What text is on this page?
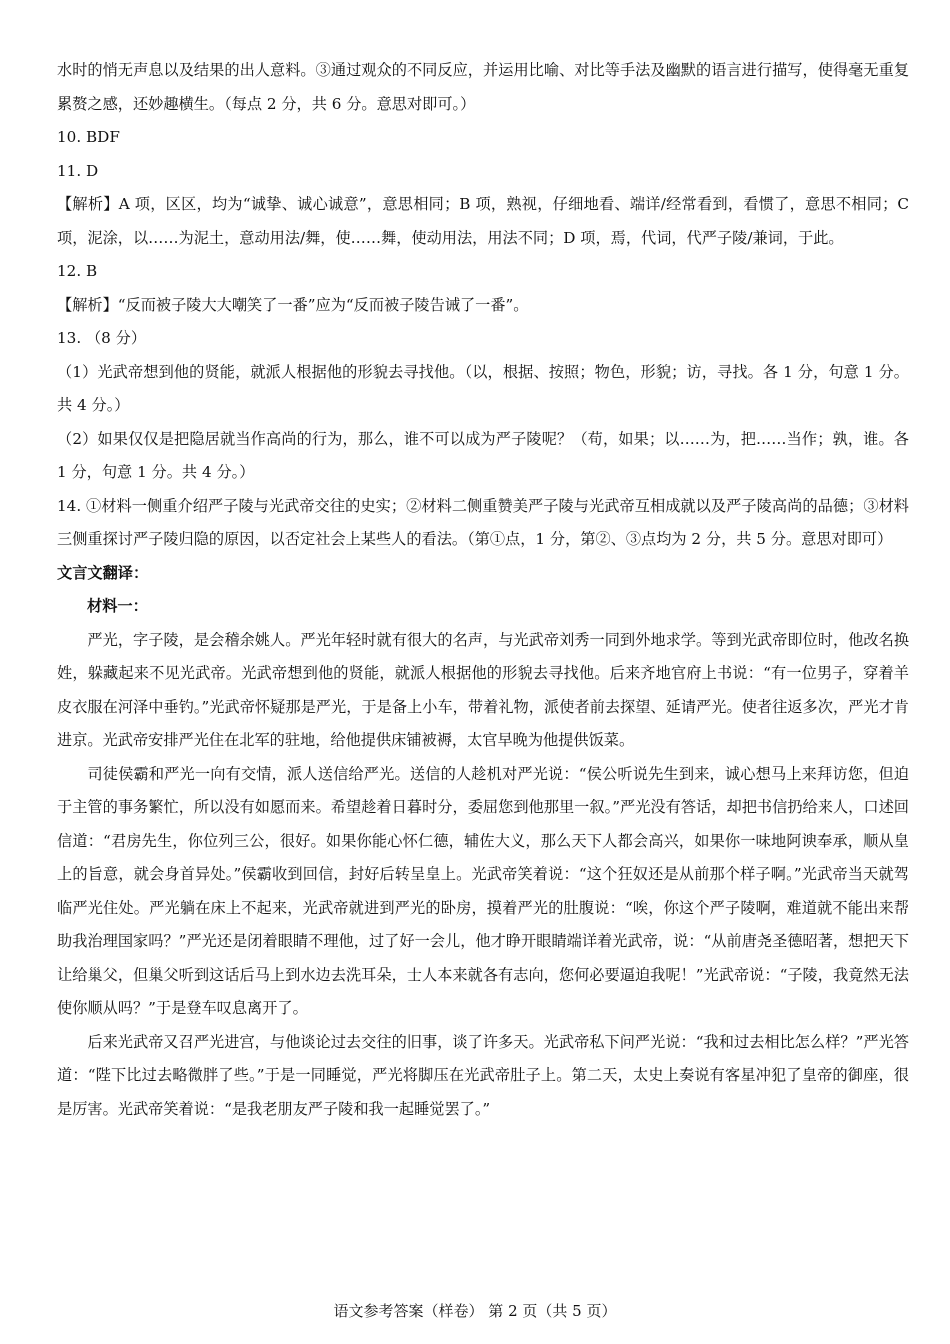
水时的悄无声息以及结果的出人意料。③通过观众的不同反应，并运用比喻、对比等手法及幽默的语言进行描写，使得毫无重复累赘之感，还妙趣横生。（每点 2 分，共 6 分。意思对即可。）

10. BDF
11. D

【解析】A 项，区区，均为“诚挚、诚心诚意”，意思相同；B 项，熟视，仔细地看、端详/经常看到，看惯了，意思不相同；C 项，泥涂，以……为泥土，意动用法/舞，使……舞，使动用法，用法不同；D 项，焉，代词，代严子陵/兼词，于此。

12. B

【解析】“反而被子陵大大嘲笑了一番”应为“反而被子陵告诫了一番”。

13. （8 分）

（1）光武帝想到他的贤能，就派人根据他的形貌去寻找他。（以，根据、按照；物色，形貌；访，寻找。各 1 分，句意 1 分。共 4 分。）

（2）如果仅仅是把隐居就当作高尚的行为，那么，谁不可以成为严子陵呢？（苟，如果；以……为，把……当作；孰，谁。各 1 分，句意 1 分。共 4 分。）

14. ①材料一侧重介绍严子陵与光武帝交往的史实；②材料二侧重赞美严子陵与光武帝互相成就以及严子陵高尚的品德；③材料三侧重探讨严子陵归隐的原因，以否定社会上某些人的看法。（第①点，1 分，第②、③点均为 2 分，共 5 分。意思对即可）

文言文翻译：
材料一：

严光，字子陵，是会稽余姚人。严光年轻时就有很大的名声，与光武帝刘秀一同到外地求学。等到光武帝即位时，他改名换姓，躲藏起来不见光武帝。光武帝想到他的贤能，就派人根据他的形貌去寻找他。后来齐地官府上书说：“有一位男子，穿着羊皮衣服在河泽中垂钓。”光武帝怀疑那是严光，于是备上小车，带着礼物，派使者前去探望、延请严光。使者往返多次，严光才肯进京。光武帝安排严光住在北军的驻地，给他提供床铺被褥，太官早晚为他提供饭菜。

司徒侯霸和严光一向有交情，派人送信给严光。送信的人趁机对严光说：“侯公听说先生到来，诚心想马上来拜访您，但迫于主管的事务繁忙，所以没有如愿而来。希望趁着日暮时分，委屈您到他那里一叙。”严光没有答话，却把书信扔给来人，口述回信道：“君房先生，你位列三公，很好。如果你能心怀仁德，辅佐大义，那么天下人都会高兴，如果你一味地阿谀奉承，顺从皇上的旨意，就会身首异处。”侯霸收到回信，封好后转呈皇上。光武帝笑着说：“这个狂奴还是从前那个样子啊。”光武帝当天就驾临严光住处。严光躺在床上不起来，光武帝就进到严光的卧房，摸着严光的肚腹说：“唉，你这个严子陵啊，难道就不能出来帮助我治理国家吗？”严光还是闭着眼睛不理他，过了好一会儿，他才睁开眼睛端详着光武帝，说：“从前唐尧圣德昭著，想把天下让给巢父，但巢父听到这话后马上到水边去洗耳朵，士人本来就各有志向，您何必要逼迫我呢！”光武帝说：“子陵，我竟然无法使你顺从吗？”于是登车叹息离开了。

后来光武帝又召严光进宫，与他谈论过去交往的旧事，谈了许多天。光武帝私下问严光说：“我和过去相比怎么样？”严光答道：“陛下比过去略微胖了些。”于是一同睡觉，严光将脚压在光武帝肚子上。第二天，太史上奏说有客星冲犯了皇帝的御座，很是厉害。光武帝笑着说：“是我老朋友严子陵和我一起睡觉罢了。”

语文参考答案（样卷） 第 2 页（共 5 页）
